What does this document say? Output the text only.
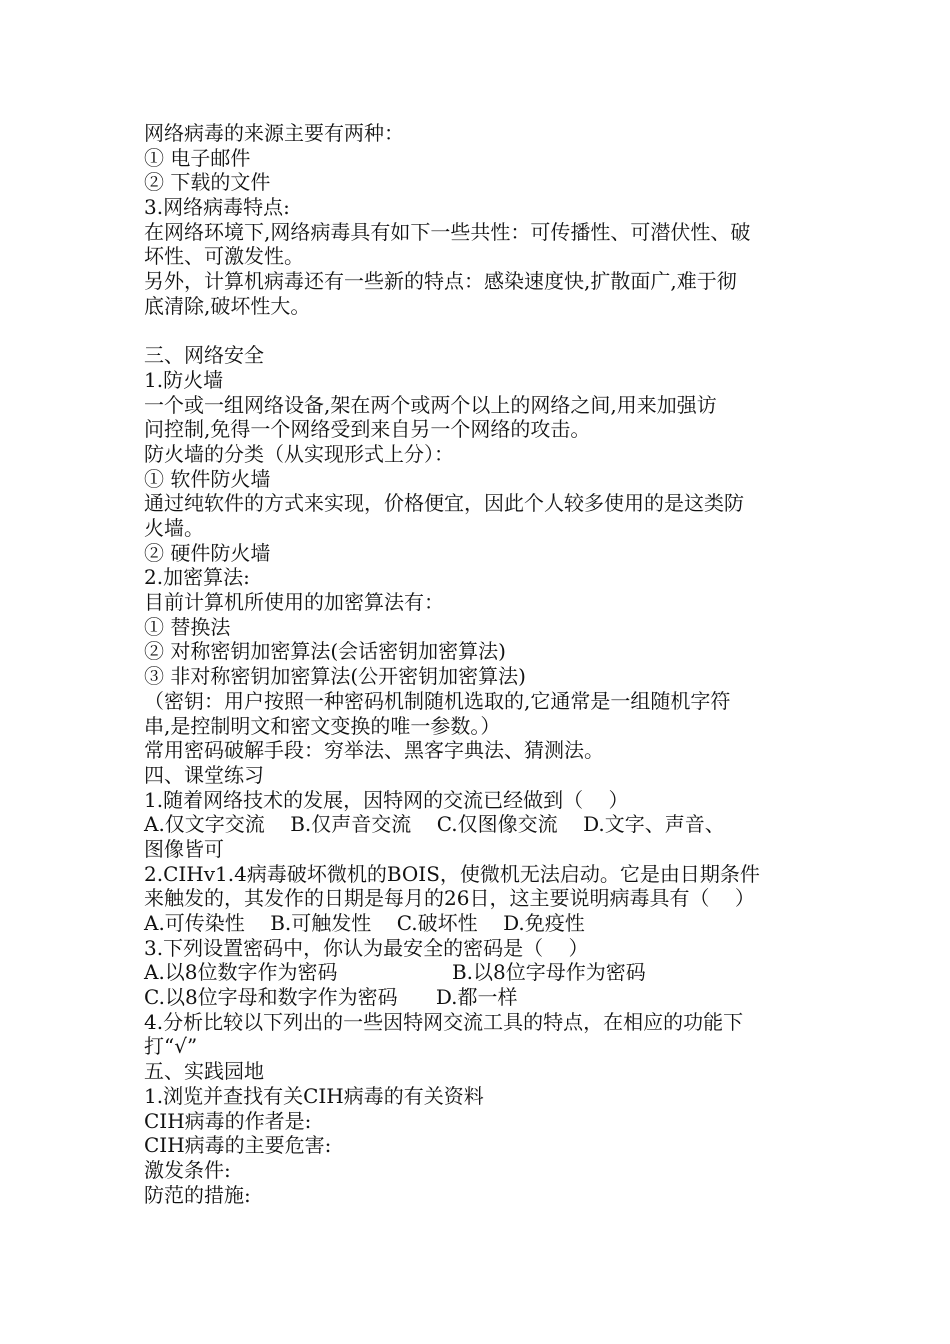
网络病毒的来源主要有两种：
① 电子邮件
② 下载的文件
3.网络病毒特点:
在网络环境下,网络病毒具有如下一些共性：可传播性、可潜伏性、破
坏性、可激发性。
另外，计算机病毒还有一些新的特点：感染速度快,扩散面广,难于彻
底清除,破坏性大。
三、网络安全
1.防火墙
一个或一组网络设备,架在两个或两个以上的网络之间,用来加强访
问控制,免得一个网络受到来自另一个网络的攻击。
防火墙的分类（从实现形式上分）：
① 软件防火墙
通过纯软件的方式来实现，价格便宜，因此个人较多使用的是这类防
火墙。
② 硬件防火墙
2.加密算法:
目前计算机所使用的加密算法有：
① 替换法
② 对称密钥加密算法(会话密钥加密算法)
③ 非对称密钥加密算法(公开密钥加密算法)
（密钥：用户按照一种密码机制随机选取的,它通常是一组随机字符
串,是控制明文和密文变换的唯一参数。）
常用密码破解手段：穷举法、黑客字典法、猜测法。
四、课堂练习
1.随着网络技术的发展，因特网的交流已经做到（    ）
A.仅文字交流    B.仅声音交流    C.仅图像交流    D.文字、声音、
图像皆可
2.CIHv1.4病毒破坏微机的BOIS，使微机无法启动。它是由日期条件
来触发的，其发作的日期是每月的26日，这主要说明病毒具有（    ）
A.可传染性    B.可触发性    C.破坏性    D.免疫性
3.下列设置密码中，你认为最安全的密码是（    ）
A.以8位数字作为密码                  B.以8位字母作为密码
C.以8位字母和数字作为密码      D.都一样
4.分析比较以下列出的一些因特网交流工具的特点，在相应的功能下
打“√”
五、实践园地
1.浏览并查找有关CIH病毒的有关资料
CIH病毒的作者是:
CIH病毒的主要危害:
激发条件:
防范的措施:
